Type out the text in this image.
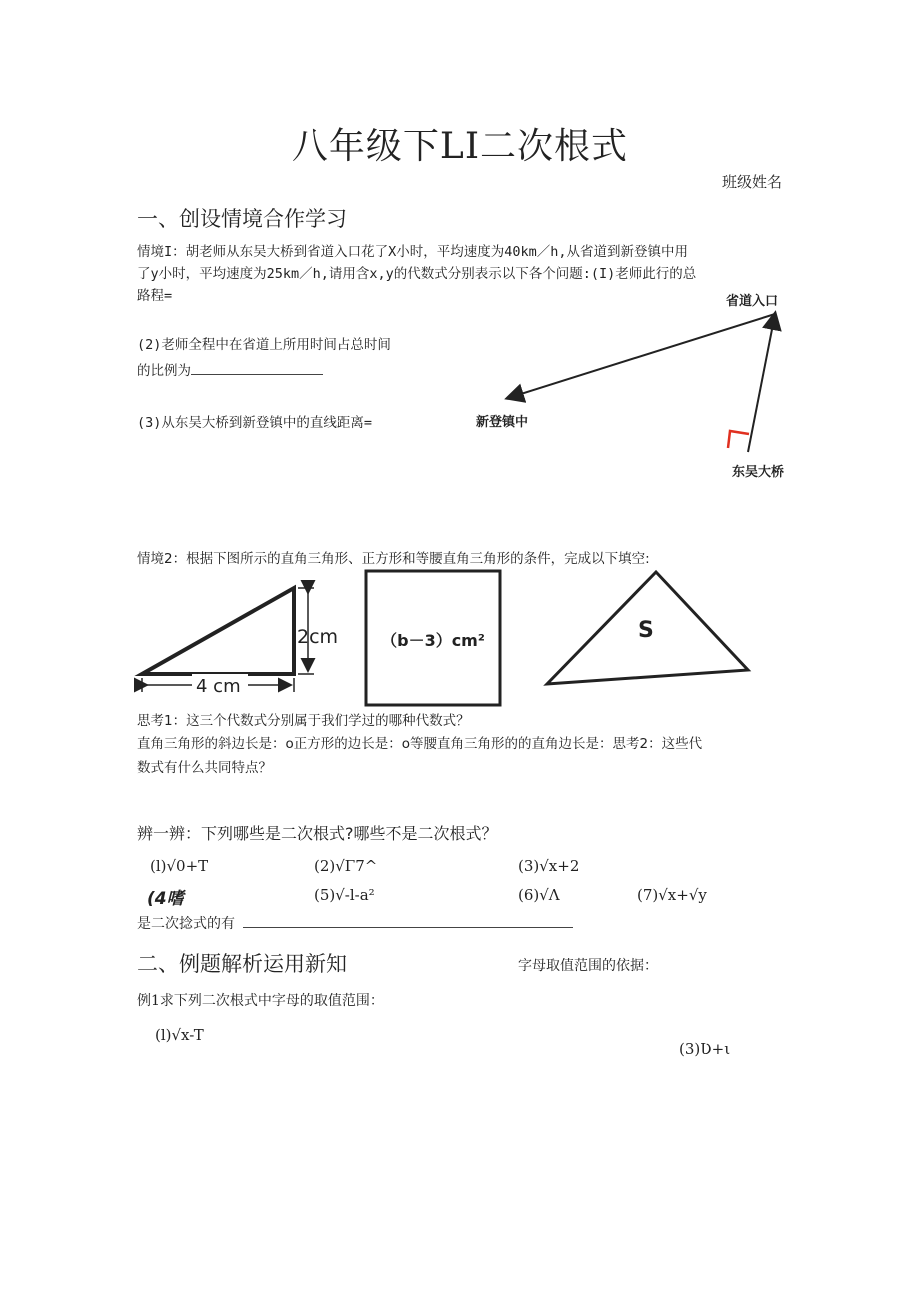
八年级下LI二次根式
班级姓名
一、创设情境合作学习
情境I：胡老师从东吴大桥到省道入口花了X小时，平均速度为40km／h,从省道到新登镇中用
了y小时，平均速度为25km／h,请用含x,y的代数式分别表示以下各个问题:(I)老师此行的总
路程=
(2)老师全程中在省道上所用时间占总时间
的比例为
(3)从东吴大桥到新登镇中的直线距离=
省道入口
新登镇中
东吴大桥
情境2：根据下图所示的直角三角形、正方形和等腰直角三角形的条件，完成以下填空:
2cm
4 cm
（b－3）cm²	S
思考1：这三个代数式分别属于我们学过的哪种代数式？
直角三角形的斜边长是：o正方形的边长是：o等腰直角三角形的的直角边长是：思考2：这些代
数式有什么共同特点？
辨一辨：下列哪些是二次根式?哪些不是二次根式？
(l)√0+T	(2)√Γ7^	(3)√x+2
(4嗜	(5)√-l-a²	(6)√Λ	(7)√x+√y
是二次捻式的有
二、例题解析运用新知	字母取值范围的依据：
例1求下列二次根式中字母的取值范围：
(l)√x-T
(3)Ʋ+ι
